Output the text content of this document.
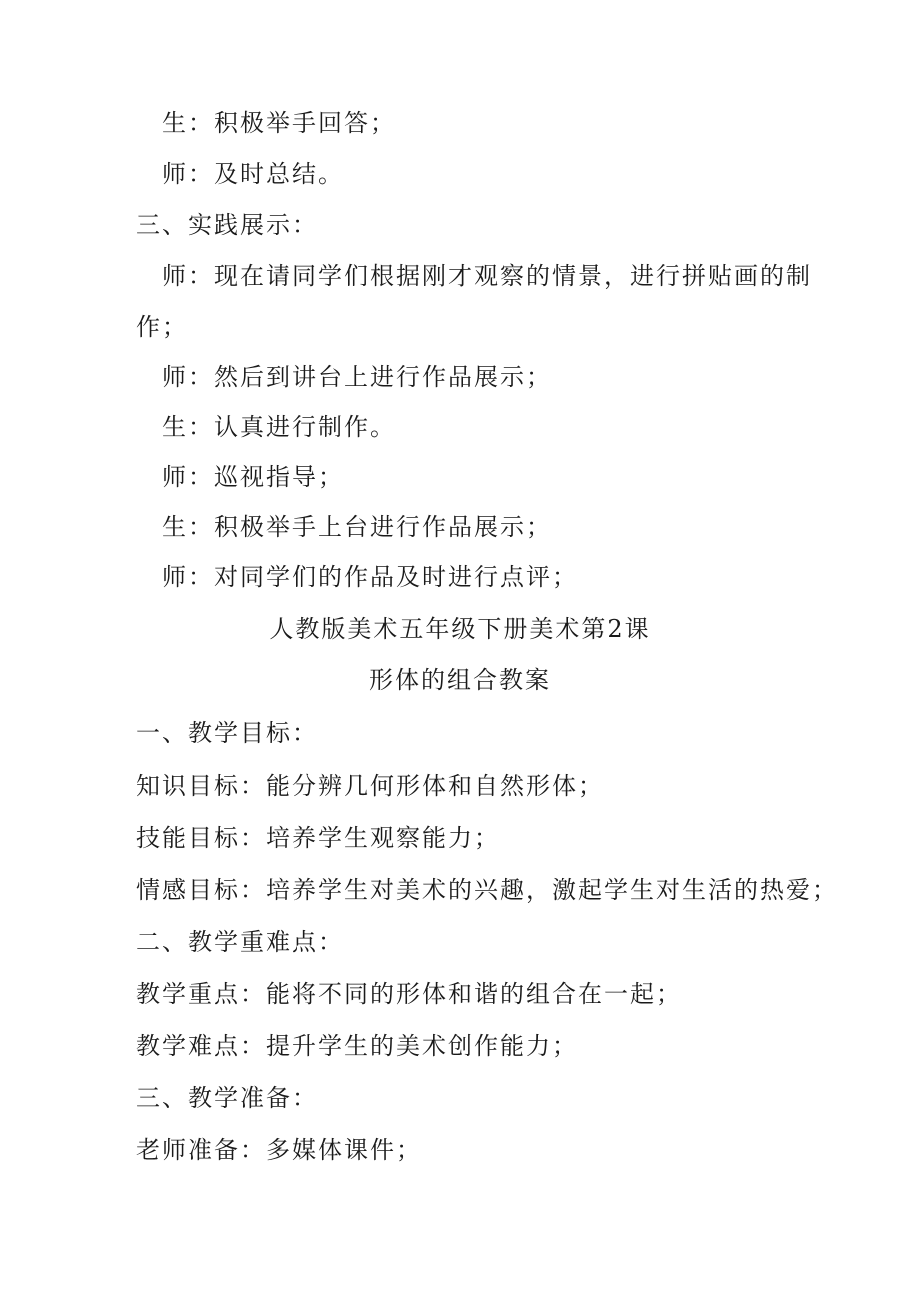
生：积极举手回答；
师：及时总结。
三、实践展示：
师：现在请同学们根据刚才观察的情景，进行拼贴画的制
作；
师：然后到讲台上进行作品展示；
生：认真进行制作。
师：巡视指导；
生：积极举手上台进行作品展示；
师：对同学们的作品及时进行点评；
人教版美术五年级下册美术第2课
形体的组合教案
一、教学目标：
知识目标：能分辨几何形体和自然形体；
技能目标：培养学生观察能力；
情感目标：培养学生对美术的兴趣，激起学生对生活的热爱；
二、教学重难点：
教学重点：能将不同的形体和谐的组合在一起；
教学难点：提升学生的美术创作能力；
三、教学准备：
老师准备：多媒体课件；
